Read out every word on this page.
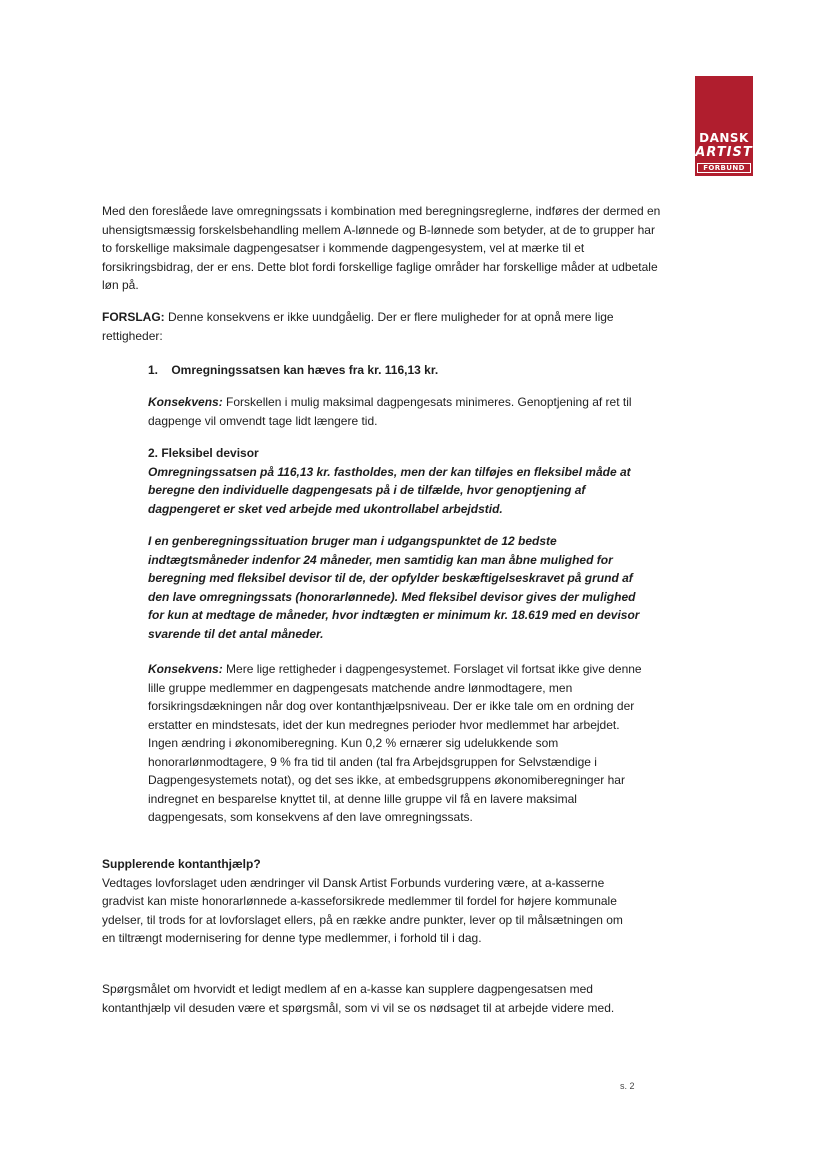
DANSK
ARTIST
FORBUND

Med den foreslåede lave omregningssats i kombination med beregningsreglerne, indføres der dermed en uhensigtsmæssig forskelsbehandling mellem A-lønnede og B-lønnede som betyder, at de to grupper har to forskellige maksimale dagpengesatser i kommende dagpengesystem, vel at mærke til et forsikringsbidrag, der er ens. Dette blot fordi forskellige faglige områder har forskellige måder at udbetale løn på.

FORSLAG: Denne konsekvens er ikke uundgåelig. Der er flere muligheder for at opnå mere lige rettigheder:

1. Omregningssatsen kan hæves fra kr. 116,13 kr.

Konsekvens: Forskellen i mulig maksimal dagpengesats minimeres. Genoptjening af ret til dagpenge vil omvendt tage lidt længere tid.

2. Fleksibel devisor

Omregningssatsen på 116,13 kr. fastholdes, men der kan tilføjes en fleksibel måde at beregne den individuelle dagpengesats på i de tilfælde, hvor genoptjening af dagpengeret er sket ved arbejde med ukontrollabel arbejdstid.

I en genberegningssituation bruger man i udgangspunktet de 12 bedste indtægtsmåneder indenfor 24 måneder, men samtidig kan man åbne mulighed for beregning med fleksibel devisor til de, der opfylder beskæftigelseskravet på grund af den lave omregningssats (honorarlønnede). Med fleksibel devisor gives der mulighed for kun at medtage de måneder, hvor indtægten er minimum kr. 18.619 med en devisor svarende til det antal måneder.

Konsekvens: Mere lige rettigheder i dagpengesystemet. Forslaget vil fortsat ikke give denne lille gruppe medlemmer en dagpengesats matchende andre lønmodtagere, men forsikringsdækningen når dog over kontanthjælpsniveau. Der er ikke tale om en ordning der erstatter en mindstesats, idet der kun medregnes perioder hvor medlemmet har arbejdet.

Ingen ændring i økonomiberegning. Kun 0,2 % ernærer sig udelukkende som honorarlønmodtagere, 9 % fra tid til anden (tal fra Arbejdsgruppen for Selvstændige i Dagpengesystemets notat), og det ses ikke, at embedsgruppens økonomiberegninger har indregnet en besparelse knyttet til, at denne lille gruppe vil få en lavere maksimal dagpengesats, som konsekvens af den lave omregningssats.

Supplerende kontanthjælp?

Vedtages lovforslaget uden ændringer vil Dansk Artist Forbunds vurdering være, at a-kasserne gradvist kan miste honorarlønnede a-kasseforsikrede medlemmer til fordel for højere kommunale ydelser, til trods for at lovforslaget ellers, på en række andre punkter, lever op til målsætningen om en tiltrængt modernisering for denne type medlemmer, i forhold til i dag.

Spørgsmålet om hvorvidt et ledigt medlem af en a-kasse kan supplere dagpengesatsen med kontanthjælp vil desuden være et spørgsmål, som vi vil se os nødsaget til at arbejde videre med.

s. 2
